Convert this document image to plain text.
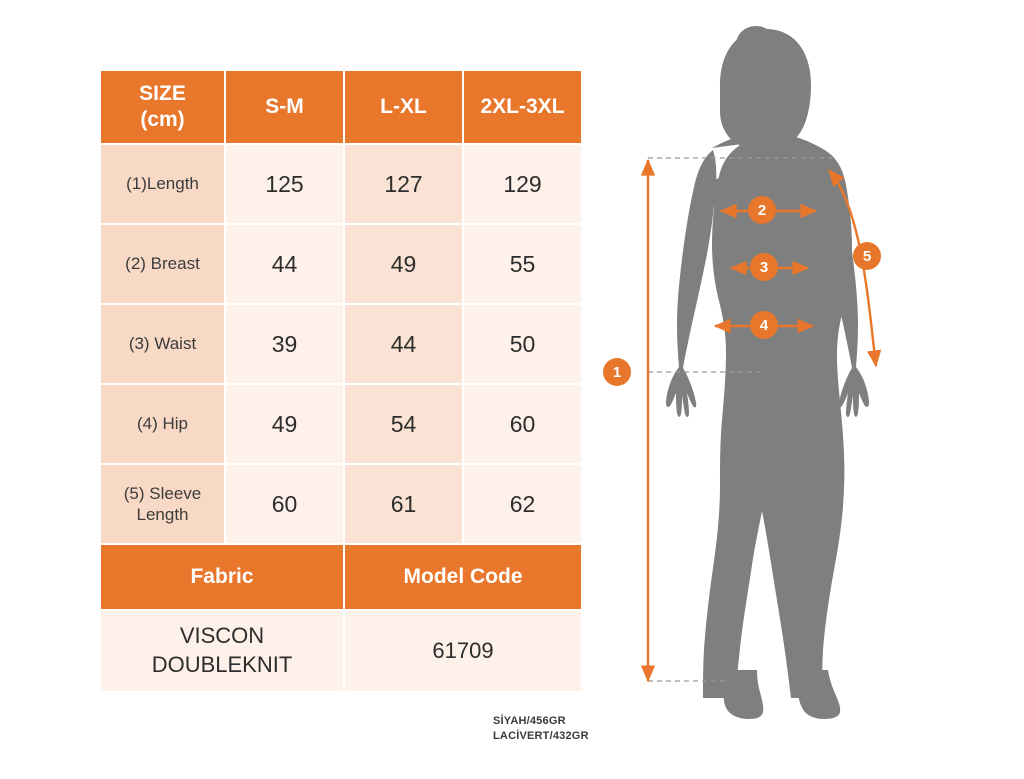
SIZE
(cm)	S-M	L-XL	2XL-3XL
(1)Length	125	127	129
(2) Breast	44	49	55
(3) Waist	39	44	50
(4) Hip	49	54	60

(5) Sleeve
Length	60	61	62
Fabric		Model Code	

VISCON
DOUBLEKNIT		61709	
SİYAH/456GR
LACİVERT/432GR
1
2
3
4
5
